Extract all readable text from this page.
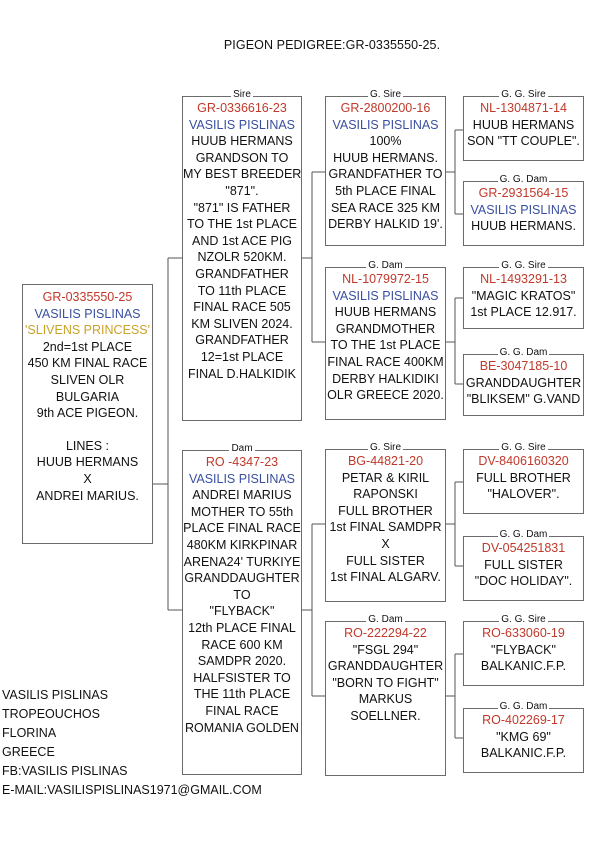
PIGEON PEDIGREE:GR-0335550-25.
GR-0335550-25
VASILIS PISLINAS
'SLIVENS PRINCESS'
2nd=1st PLACE
450 KM FINAL RACE
SLIVEN OLR
BULGARIA
9th ACE PIGEON.
LINES :
HUUB HERMANS
X
ANDREI MARIUS.
Sire
GR-0336616-23
VASILIS PISLINAS
HUUB HERMANS
GRANDSON TO
MY BEST BREEDER
"871".
"871" IS FATHER
TO THE 1st PLACE
AND 1st ACE PIG
NZOLR 520KM.
GRANDFATHER
TO 11th PLACE
FINAL RACE 505
KM SLIVEN 2024.
GRANDFATHER
12=1st PLACE
FINAL D.HALKIDIK
Dam
RO -4347-23
VASILIS PISLINAS
ANDREI MARIUS
MOTHER TO 55th
PLACE FINAL RACE
480KM KIRKPINAR
ARENA24' TURKIYE
GRANDDAUGHTER
TO
"FLYBACK"
12th PLACE FINAL
RACE 600 KM
SAMDPR 2020.
HALFSISTER TO
THE 11th PLACE
FINAL RACE
ROMANIA GOLDEN
G. Sire
GR-2800200-16
VASILIS PISLINAS
100%
HUUB HERMANS.
GRANDFATHER TO
5th PLACE FINAL
SEA RACE 325 KM
DERBY HALKID 19'.
G. Dam
NL-1079972-15
VASILIS PISLINAS
HUUB HERMANS
GRANDMOTHER
TO THE 1st PLACE
FINAL RACE 400KM
DERBY HALKIDIKI
OLR GREECE 2020.
G. Sire
BG-44821-20
PETAR & KIRIL
RAPONSKI
FULL BROTHER
1st FINAL SAMDPR
X
FULL SISTER
1st FINAL ALGARV.
G. Dam
RO-222294-22
"FSGL 294"
GRANDDAUGHTER
"BORN TO FIGHT"
MARKUS
SOELLNER.
G. G. Sire
NL-1304871-14
HUUB HERMANS
SON "TT COUPLE".
G. G. Dam
GR-2931564-15
VASILIS PISLINAS
HUUB HERMANS.
G. G. Sire
NL-1493291-13
"MAGIC KRATOS"
1st PLACE 12.917.
G. G. Dam
BE-3047185-10
GRANDDAUGHTER
"BLIKSEM" G.VAND
G. G. Sire
DV-8406160320
FULL BROTHER
"HALOVER".
G. G. Dam
DV-054251831
FULL SISTER
"DOC HOLIDAY".
G. G. Sire
RO-633060-19
"FLYBACK"
BALKANIC.F.P.
G. G. Dam
RO-402269-17
"KMG 69"
BALKANIC.F.P.
VASILIS PISLINAS
TROPEOUCHOS
FLORINA
GREECE
FB:VASILIS PISLINAS
E-MAIL:VASILISPISLINAS1971@GMAIL.COM
